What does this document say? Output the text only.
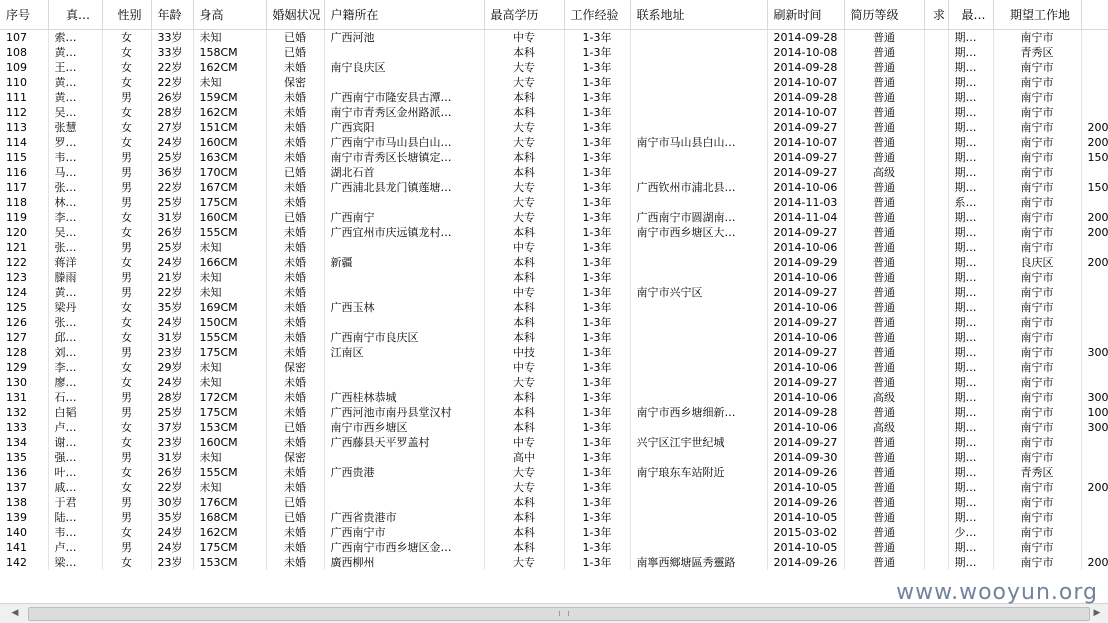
序号	真…	性别	年龄	身高	婚姻状况	户籍所在	最高学历	工作经验	联系地址	刷新时间	简历等级	求	最…	期望工作地	
107	索…	女	33岁	未知	已婚	广西河池	中专	1-3年		2014-09-28	普通		期…	南宁市	
108	黄…	女	33岁	158CM	已婚		本科	1-3年		2014-10-08	普通		期…	青秀区	
109	王…	女	22岁	162CM	未婚	南宁良庆区	大专	1-3年		2014-09-28	普通		期…	南宁市	
110	黄…	女	22岁	未知	保密		大专	1-3年		2014-10-07	普通		期…	南宁市	
111	黄…	男	26岁	159CM	未婚	广西南宁市隆安县古潭…	本科	1-3年		2014-09-28	普通		期…	南宁市	
112	吴…	女	28岁	162CM	未婚	南宁市青秀区金州路派…	本科	1-3年		2014-10-07	普通		期…	南宁市	
113	张慧	女	27岁	151CM	未婚	广西宾阳	大专	1-3年		2014-09-27	普通		期…	南宁市	200
114	罗…	女	24岁	160CM	未婚	广西南宁市马山县白山…	大专	1-3年	南宁市马山县白山…	2014-10-07	普通		期…	南宁市	200
115	韦…	男	25岁	163CM	未婚	南宁市青秀区长塘镇定…	本科	1-3年		2014-09-27	普通		期…	南宁市	150
116	马…	男	36岁	170CM	已婚	湖北石首	本科	1-3年		2014-09-27	高级		期…	南宁市	
117	张…	男	22岁	167CM	未婚	广西浦北县龙门镇莲塘…	大专	1-3年	广西钦州市浦北县…	2014-10-06	普通		期…	南宁市	150
118	林…	男	25岁	175CM	未婚		大专	1-3年		2014-11-03	普通		系…	南宁市	
119	李…	女	31岁	160CM	已婚	广西南宁	大专	1-3年	广西南宁市圆湖南…	2014-11-04	普通		期…	南宁市	200
120	吴…	女	26岁	155CM	未婚	广西宜州市庆远镇龙村…	本科	1-3年	南宁市西乡塘区大…	2014-09-27	普通		期…	南宁市	200
121	张…	男	25岁	未知	未婚		中专	1-3年		2014-10-06	普通		期…	南宁市	
122	蒋洋	女	24岁	166CM	未婚	新疆	本科	1-3年		2014-09-29	普通		期…	良庆区	200
123	滕雨	男	21岁	未知	未婚		本科	1-3年		2014-10-06	普通		期…	南宁市	
124	黄…	男	22岁	未知	未婚		中专	1-3年	南宁市兴宁区	2014-09-27	普通		期…	南宁市	
125	梁丹	女	35岁	169CM	未婚	广西玉林	本科	1-3年		2014-10-06	普通		期…	南宁市	
126	张…	女	24岁	150CM	未婚		本科	1-3年		2014-09-27	普通		期…	南宁市	
127	邱…	女	31岁	155CM	未婚	广西南宁市良庆区	本科	1-3年		2014-10-06	普通		期…	南宁市	
128	刘…	男	23岁	175CM	未婚	江南区	中技	1-3年		2014-09-27	普通		期…	南宁市	300
129	李…	女	29岁	未知	保密		中专	1-3年		2014-10-06	普通		期…	南宁市	
130	廖…	女	24岁	未知	未婚		大专	1-3年		2014-09-27	普通		期…	南宁市	
131	石…	男	28岁	172CM	未婚	广西桂林恭城	本科	1-3年		2014-10-06	高级		期…	南宁市	300
132	白韬	男	25岁	175CM	未婚	广西河池市南丹县堂汉村	本科	1-3年	南宁市西乡塘细新…	2014-09-28	普通		期…	南宁市	100
133	卢…	女	37岁	153CM	已婚	南宁市西乡塘区	本科	1-3年		2014-10-06	高级		期…	南宁市	300
134	谢…	女	23岁	160CM	未婚	广西藤县天平罗盖村	中专	1-3年	兴宁区江宇世纪城	2014-09-27	普通		期…	南宁市	
135	强…	男	31岁	未知	保密		高中	1-3年		2014-09-30	普通		期…	南宁市	
136	叶…	女	26岁	155CM	未婚	广西贵港	大专	1-3年	南宁琅东车站附近	2014-09-26	普通		期…	青秀区	
137	戚…	女	22岁	未知	未婚		大专	1-3年		2014-10-05	普通		期…	南宁市	200
138	于君	男	30岁	176CM	已婚		本科	1-3年		2014-09-26	普通		期…	南宁市	
139	陆…	男	35岁	168CM	已婚	广西省贵港市	本科	1-3年		2014-10-05	普通		期…	南宁市	
140	韦…	女	24岁	162CM	未婚	广西南宁市	本科	1-3年		2015-03-02	普通		少…	南宁市	
141	卢…	男	24岁	175CM	未婚	广西南宁市西乡塘区金…	本科	1-3年		2014-10-05	普通		期…	南宁市	
142	梁…	女	23岁	153CM	未婚	廣西柳州	大专	1-3年	南寧西鄉塘區秀靈路	2014-09-26	普通		期…	南宁市	200
◀	▶
www.wooyun.org
